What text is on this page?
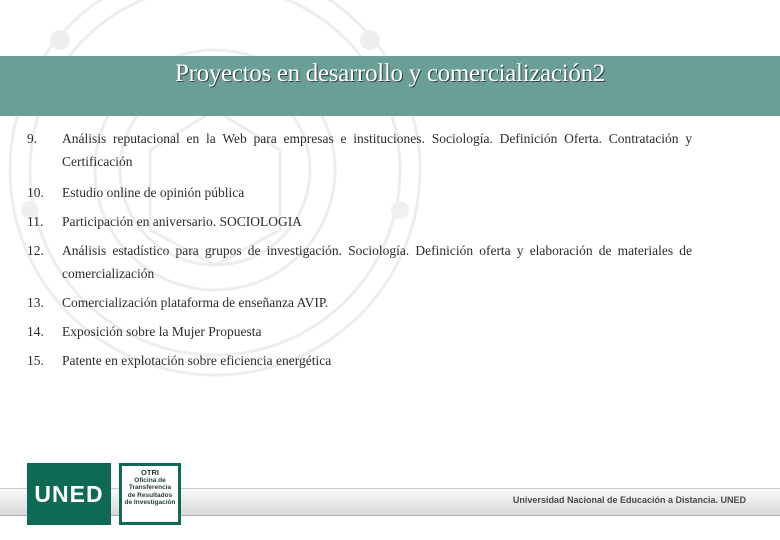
Proyectos en desarrollo y comercialización2
9.	Análisis reputacional en la Web para empresas e instituciones. Sociología. Definición Oferta. Contratación y Certificación
10.	Estudio online de opinión pública
11.	Participación en aniversario. SOCIOLOGIA
12.	Análisis estadístico para grupos de investigación. Sociología. Definición oferta y elaboración de materiales de comercialización
13.	Comercialización plataforma de enseñanza AVIP.
14.	Exposición sobre la Mujer Propuesta
15.	Patente en explotación sobre eficiencia energética
Universidad Nacional de Educación a Distancia. UNED
UNED
OTRI
Oficina de
Transferencia
de Resultados
de Investigación
